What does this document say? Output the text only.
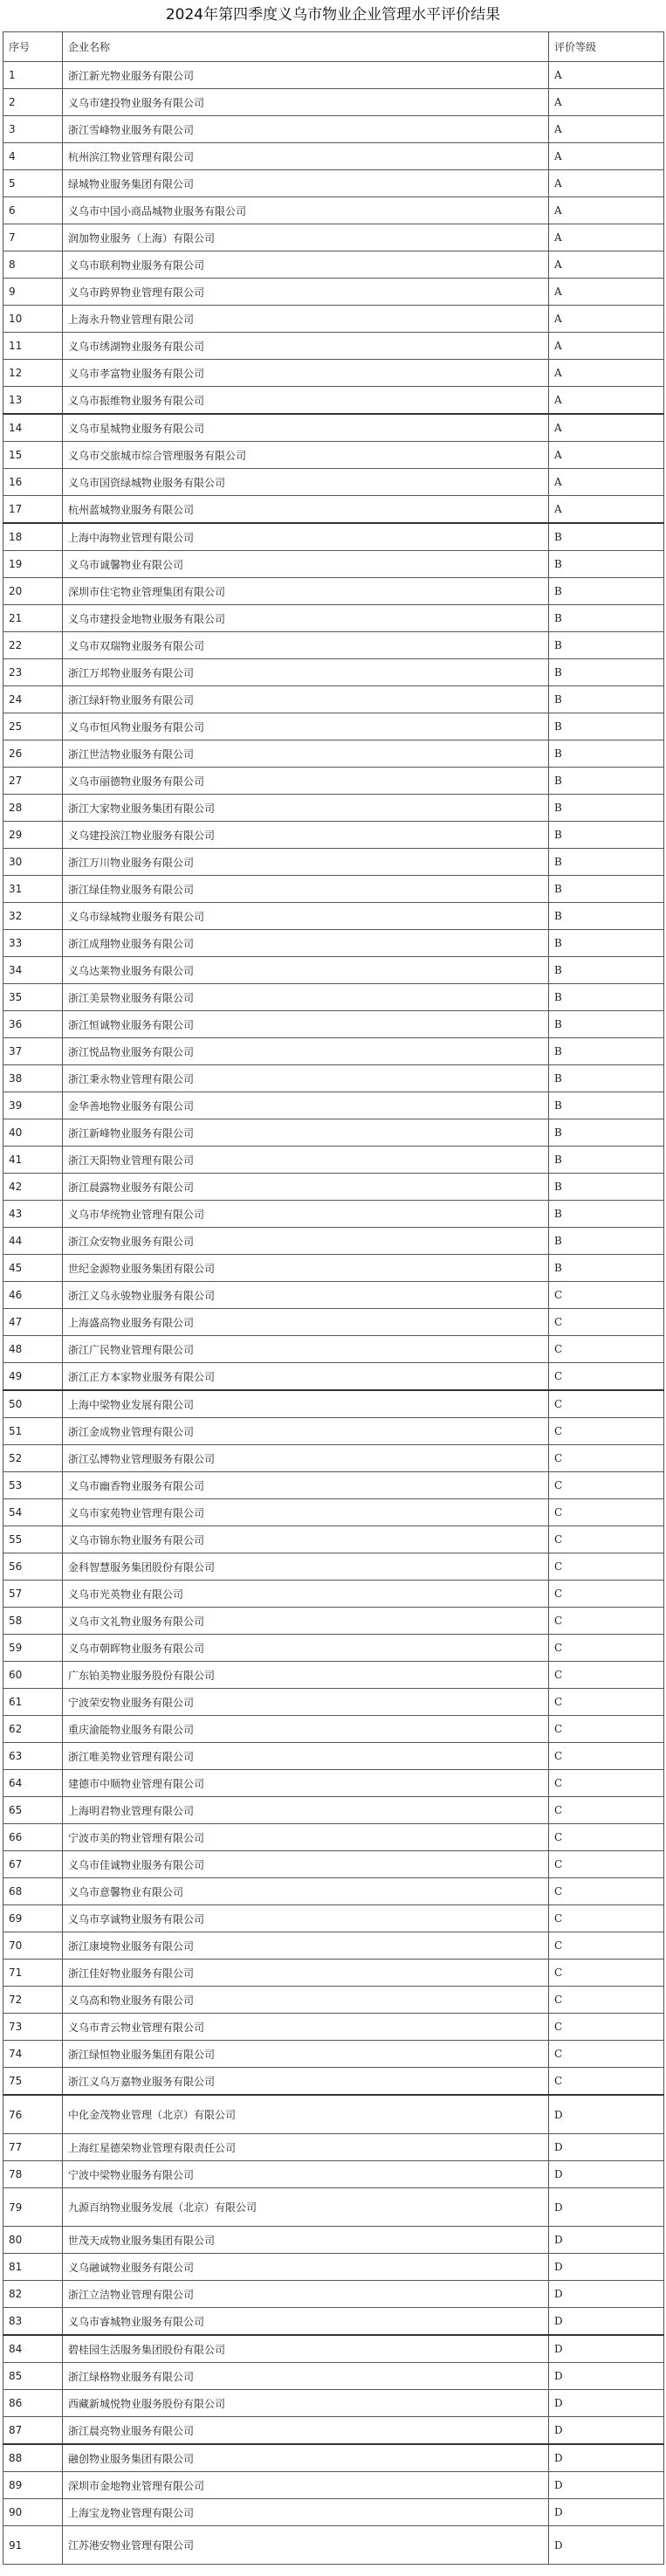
2024年第四季度义乌市物业企业管理水平评价结果
序号	企业名称	评价等级
1	浙江新光物业服务有限公司	A
2	义乌市建投物业服务有限公司	A
3	浙江雪峰物业服务有限公司	A
4	杭州滨江物业管理有限公司	A
5	绿城物业服务集团有限公司	A
6	义乌市中国小商品城物业服务有限公司	A
7	润加物业服务（上海）有限公司	A
8	义乌市联利物业服务有限公司	A
9	义乌市跨界物业管理有限公司	A
10	上海永升物业管理有限公司	A
11	义乌市绣湖物业服务有限公司	A
12	义乌市孝富物业服务有限公司	A
13	义乌市振维物业服务有限公司	A
14	义乌市星城物业服务有限公司	A
15	义乌市交旅城市综合管理服务有限公司	A
16	义乌市国资绿城物业服务有限公司	A
17	杭州蓝城物业服务有限公司	A
18	上海中海物业管理有限公司	B
19	义乌市诚馨物业有限公司	B
20	深圳市住宅物业管理集团有限公司	B
21	义乌市建投金地物业服务有限公司	B
22	义乌市双瑞物业服务有限公司	B
23	浙江万邦物业服务有限公司	B
24	浙江绿轩物业服务有限公司	B
25	义乌市恒风物业服务有限公司	B
26	浙江世洁物业服务有限公司	B
27	义乌市丽德物业服务有限公司	B
28	浙江大家物业服务集团有限公司	B
29	义乌建投滨江物业服务有限公司	B
30	浙江万川物业服务有限公司	B
31	浙江绿佳物业服务有限公司	B
32	义乌市绿城物业服务有限公司	B
33	浙江成翔物业服务有限公司	B
34	义乌达莱物业服务有限公司	B
35	浙江美景物业服务有限公司	B
36	浙江恒诚物业服务有限公司	B
37	浙江悦品物业服务有限公司	B
38	浙江秉永物业管理有限公司	B
39	金华善地物业服务有限公司	B
40	浙江新峰物业服务有限公司	B
41	浙江天阳物业管理有限公司	B
42	浙江晨露物业服务有限公司	B
43	义乌市华统物业管理有限公司	B
44	浙江众安物业服务有限公司	B
45	世纪金源物业服务集团有限公司	B
46	浙江义乌永骏物业服务有限公司	C
47	上海盛高物业服务有限公司	C
48	浙江广民物业管理有限公司	C
49	浙江正方本家物业服务有限公司	C
50	上海中梁物业发展有限公司	C
51	浙江金成物业管理有限公司	C
52	浙江弘博物业管理服务有限公司	C
53	义乌市幽香物业服务有限公司	C
54	义乌市家苑物业管理有限公司	C
55	义乌市锦东物业服务有限公司	C
56	金科智慧服务集团股份有限公司	C
57	义乌市光英物业有限公司	C
58	义乌市文礼物业服务有限公司	C
59	义乌市朝晖物业服务有限公司	C
60	广东铂美物业服务股份有限公司	C
61	宁波荣安物业服务有限公司	C
62	重庆渝能物业服务有限公司	C
63	浙江唯美物业管理有限公司	C
64	建德市中顺物业管理有限公司	C
65	上海明君物业管理有限公司	C
66	宁波市美的物业管理有限公司	C
67	义乌市佳诚物业服务有限公司	C
68	义乌市意馨物业有限公司	C
69	义乌市享诚物业服务有限公司	C
70	浙江康境物业服务有限公司	C
71	浙江佳好物业服务有限公司	C
72	义乌高和物业服务有限公司	C
73	义乌市青云物业管理有限公司	C
74	浙江绿恒物业服务集团有限公司	C
75	浙江义乌万嘉物业服务有限公司	C
76	中化金茂物业管理（北京）有限公司	D
77	上海红星德荣物业管理有限责任公司	D
78	宁波中梁物业服务有限公司	D
79	九源百纳物业服务发展（北京）有限公司	D
80	世茂天成物业服务集团有限公司	D
81	义乌融诚物业服务有限公司	D
82	浙江立洁物业管理有限公司	D
83	义乌市睿城物业服务有限公司	D
84	碧桂园生活服务集团股份有限公司	D
85	浙江绿格物业服务有限公司	D
86	西藏新城悦物业服务股份有限公司	D
87	浙江晨亮物业服务有限公司	D
88	融创物业服务集团有限公司	D
89	深圳市金地物业管理有限公司	D
90	上海宝龙物业管理有限公司	D
91	江苏港安物业管理有限公司	D
